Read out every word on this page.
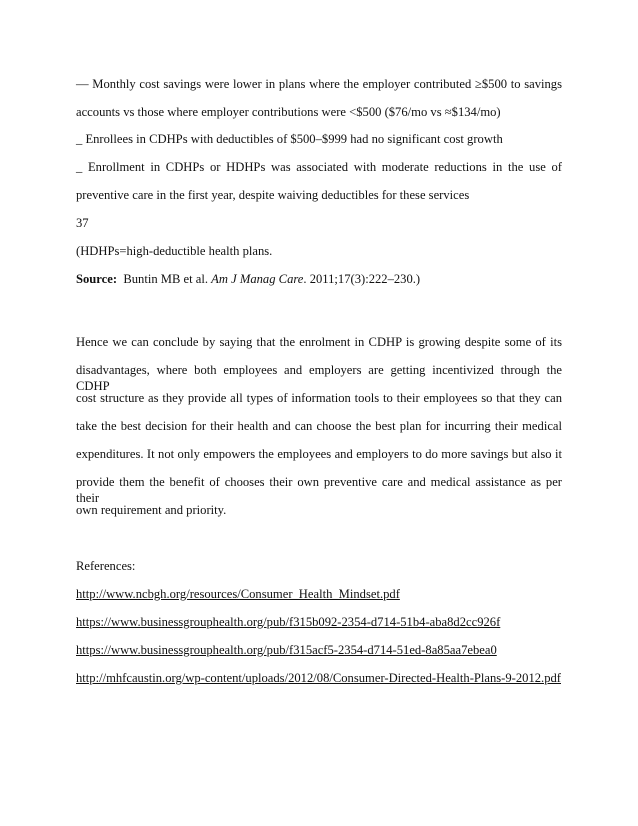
— Monthly cost savings were lower in plans where the employer contributed ≥$500 to savings
accounts vs those where employer contributions were <$500 ($76/mo vs ≈$134/mo)
_ Enrollees in CDHPs with deductibles of $500–$999 had no significant cost growth
_ Enrollment in CDHPs or HDHPs was associated with moderate reductions in the use of
preventive care in the first year, despite waiving deductibles for these services
37
(HDHPs=high-deductible health plans.
Source: Buntin MB et al. Am J Manag Care. 2011;17(3):222–230.)
Hence we can conclude by saying that the enrolment in CDHP is growing despite some of its
disadvantages, where both employees and employers are getting incentivized through the CDHP
cost structure as they provide all types of information tools to their employees so that they can
take the best decision for their health and can choose the best plan for incurring their medical
expenditures. It not only empowers the employees and employers to do more savings but also it
provide them the benefit of chooses their own preventive care and medical assistance as per their
own requirement and priority.
References:
http://www.ncbgh.org/resources/Consumer_Health_Mindset.pdf
https://www.businessgrouphealth.org/pub/f315b092-2354-d714-51b4-aba8d2cc926f
https://www.businessgrouphealth.org/pub/f315acf5-2354-d714-51ed-8a85aa7ebea0
http://mhfcaustin.org/wp-content/uploads/2012/08/Consumer-Directed-Health-Plans-9-2012.pdf
